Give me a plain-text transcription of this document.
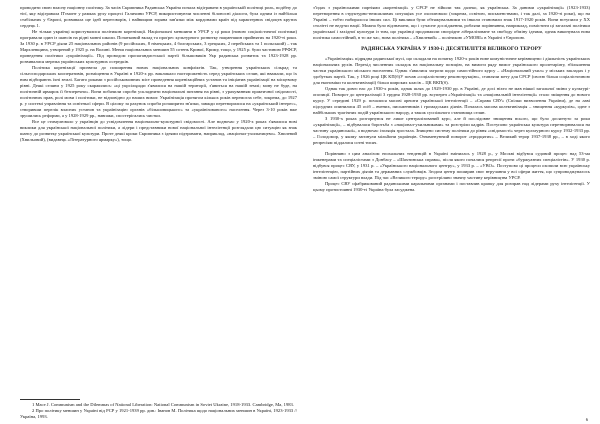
проводити свою власну націонну політику. За часів Скрипника Радянська Україна почала відігравати в українській політиці роль, подібну до тієї, яку відігравала П'ємонт у рамках руху процесі Галичини УРСР, використовуючи численні білоносні діалоги, була одним із найбільш стабільних у Європі, розвивала ще ідей переговорів, і найвищим зоряна зав'язки між кордонами країн під характерних свідоцтв крутих сердець 1.

Не тільки українці користувалися політикою коренізації. Національні меншини в УРСР у ці роки (новою соціалістичної політики) програвали один із шансів на рідні мовні школи. Початковий вклад та проґрес культурного розвитку нацменшин прийнятих на 1920-ті роки. За 1930 р. в УРСР діяли 25 національних районів (9 російських, 8 німецьких, 4 болгарських, 3 грецьких, 2 перейських та 1 польський) – так Мархлевщина, утворений у 1925 р. на Волині. Менш національних меншин 55 сотень Кривої, Криму, тощо, у 1925 р. були частиною РРФСР, проведення політики «українізації». Під проводом пропагандистської партії більшовиків Укр радянська розвиток та 1923-1928 рр. розвивалися мережа українських культурних осередків.

Політика коренізації призвела до поширення нових національних конфліктів. Так, утворення українських сільрад та сільгосподарських кооперативів, розміщення в Україні в 1920-х рр. викликало настороженість серед українських селян, які вважали, що їх ним відбирають їхні землі. Багато роками з російськомовних міст проведення коренізаційних установ та ініціатив українізації на місцевому рівні. Деякі селяни у 1925 року скаржились: «ці укрсільради з'явилися на нашій території, з'явиться на нашій землі; мову не буде, на політичній ярмарок її безперечно». Вони побачили спроби ускладнити національні питання на рівні, з урахуванням практичної свідомості, політичних прав, ролі мови і політики, не відповідно до наших вимог. Українізація протягом кількох років перемогла себе, зокрема, до 1927 р. у системі управління та освітньої сфери. В цілому за рахунок спроби розширити зв'язки, завжди перетворилися на «український інтерес», створивши перелік власних установ та українізацію органів «більшовицького» та «українізованого» населення. Через 3-10 років вже зрушились реформи, а у 1928-1929 рр., навпаки, спостерігались чистки.

Все це стимулювало у українців до усвідомлення національно-культурної свідомості. Але водночас у 1920-х роках з'явилися нові виклики для української національної політики, а лідери і представники нової національної інтелігенції розглядали цю ситуацію як знак шансу до розвитку української культури. Проте деякі кроки Скрипника з ідеями підтримати, наприклад, «націонал-ухильництво». Хвилевий (Хвильовий), (видавець «Літературного ярмарку»), тощо.

1 Mace J. Communism and the Dilemmas of National Liberation: National Communism in Soviet Ukraine, 1918-1933. Cambridge, Ma, 1983.

2 Про політику меншин у Україні від РСР у 1921-1939 рр. див.: Іванов М. Політика щодо національних меншин в Україні, 1923-1933 // Україна, 1993.

з'їздах з українськими партіями «коренізації» у СРСР не зійшли так далеко, як українська. За даними «українізації» (1923-1933) перетворення в структурно-неможливих ситуаціях усе охоплювало (зокрема, освітою, письменствами, і так далі, за 1920-ті роки), що на Україні – тобто набиралося інших сил. Ці виклики були обтяжувальними та інколи становили знак 1917-1920 років. Вони вступили у XX столітті не ведучи нації. Можна було відзначити, що і сучасне дослідження, роблячи порівняння, наприклад, помістити ці загальні політики української і західної культури із тим, що українці продовжили своєрідне лібералізоване та свободу обміну ідеями, однак виконувала нова політика самостійний, в то же час, нова політика – «Хвилевий» – політикою «УМОВІ» в Україні з Європою.

РАДЯНСЬКА УКРАЇНА У 1930-ї: ДЕСЯТИЛІТТЯ ВЕЛИКОГО ТЕРОРУ

«Українізація» підрядна радянської мусі, що складали на початку 1920-х років нове комуністичне керівництво і діяльність українських національних рухів. Перехід численних складок на національну позицію, на вимоги ряду вимог українського пролетаріату, збільшення частки українського міського населення. Однак з'явилися загрози щодо самостійного курсу – «Національний ухил» у міських закладах і у здобутках партії. Так, у 1926 році ЦК КП(б)У почав «соціалістичну реконструкцію», ставлячи мету для СРСР (своєю більш соціалістичною для економіки та колективізації) більш широких класів – ЦК ВКП(б).

Однак так довго нас до 1930-х років, однак шлях до 1929-1930 рр. в Україні, де досі ніхто не мав ніякої загальної зміни у культурі-опозиції. Поворот до централізації 3 грудня 1928-1930 рр. всупереч «Українізації» та «національній інтелігенції» стало зміщення до нового курсу. У середині 1929 р. почалися масові арешти української інтелігенції – «Справа СВУ» (Спілки визволення України), де на лаві підсудних опинилися 45 осіб – вчених, письменників і громадських діячів. Почалась масова колективізація – знищення «куркулів», одне з найбільших трагічних подій українського народу, а також суспільного становища селян.

З 1930-х роках розгорнувся не лише централізований курс, але й послідовне знищення всього, що було досягнуто за роки «українізації», – відбувалася боротьба з «націонал-ухильниками» та розстріли кадрів. Поступово українська культура перетворювалася на частину «радянської», а водночас ізоляція зростала. Знищено систему політики до рівня «свідомості» через культурного курсу 1932-1933 рр. – Голодомор, у якому загинули мільйони українців. Ознаменуючий поворот «тридцятих» – Великий терор 1937-1938 рр., – в ході якого репресіям піддалися сотні тисяч.

Порівняно з цим аналізом епохальних тенденцій в Україні змінилась у 1928 р., у Москві відбувся судовий процес над 53-ма інженерами та спеціалістами з Донбасу – «Шахтинська справа», після якого почалися репресії проти «буржуазних спеціалістів». У 1930 р. відбувся процес СВУ, у 1931 р. – «Українського національного центру», у 1933 р. – «УВО». Поступово ці процеси охопили всю українську інтелігенцію, партійних діячів та державних службовців. Згодом центр поширив своє втручання у всі сфери життя, що супроводжувалось зміною самої структури влади. Під час «Великого терору» розстріляно значну частину керівництва УРСР.

Процес СВУ сфабрикований радянськими каральними органами і поставлив крапку для розправ над лідерами руху інтелігенції. У цьому протистоянні 1930-ті Україна була засуджена.

6
